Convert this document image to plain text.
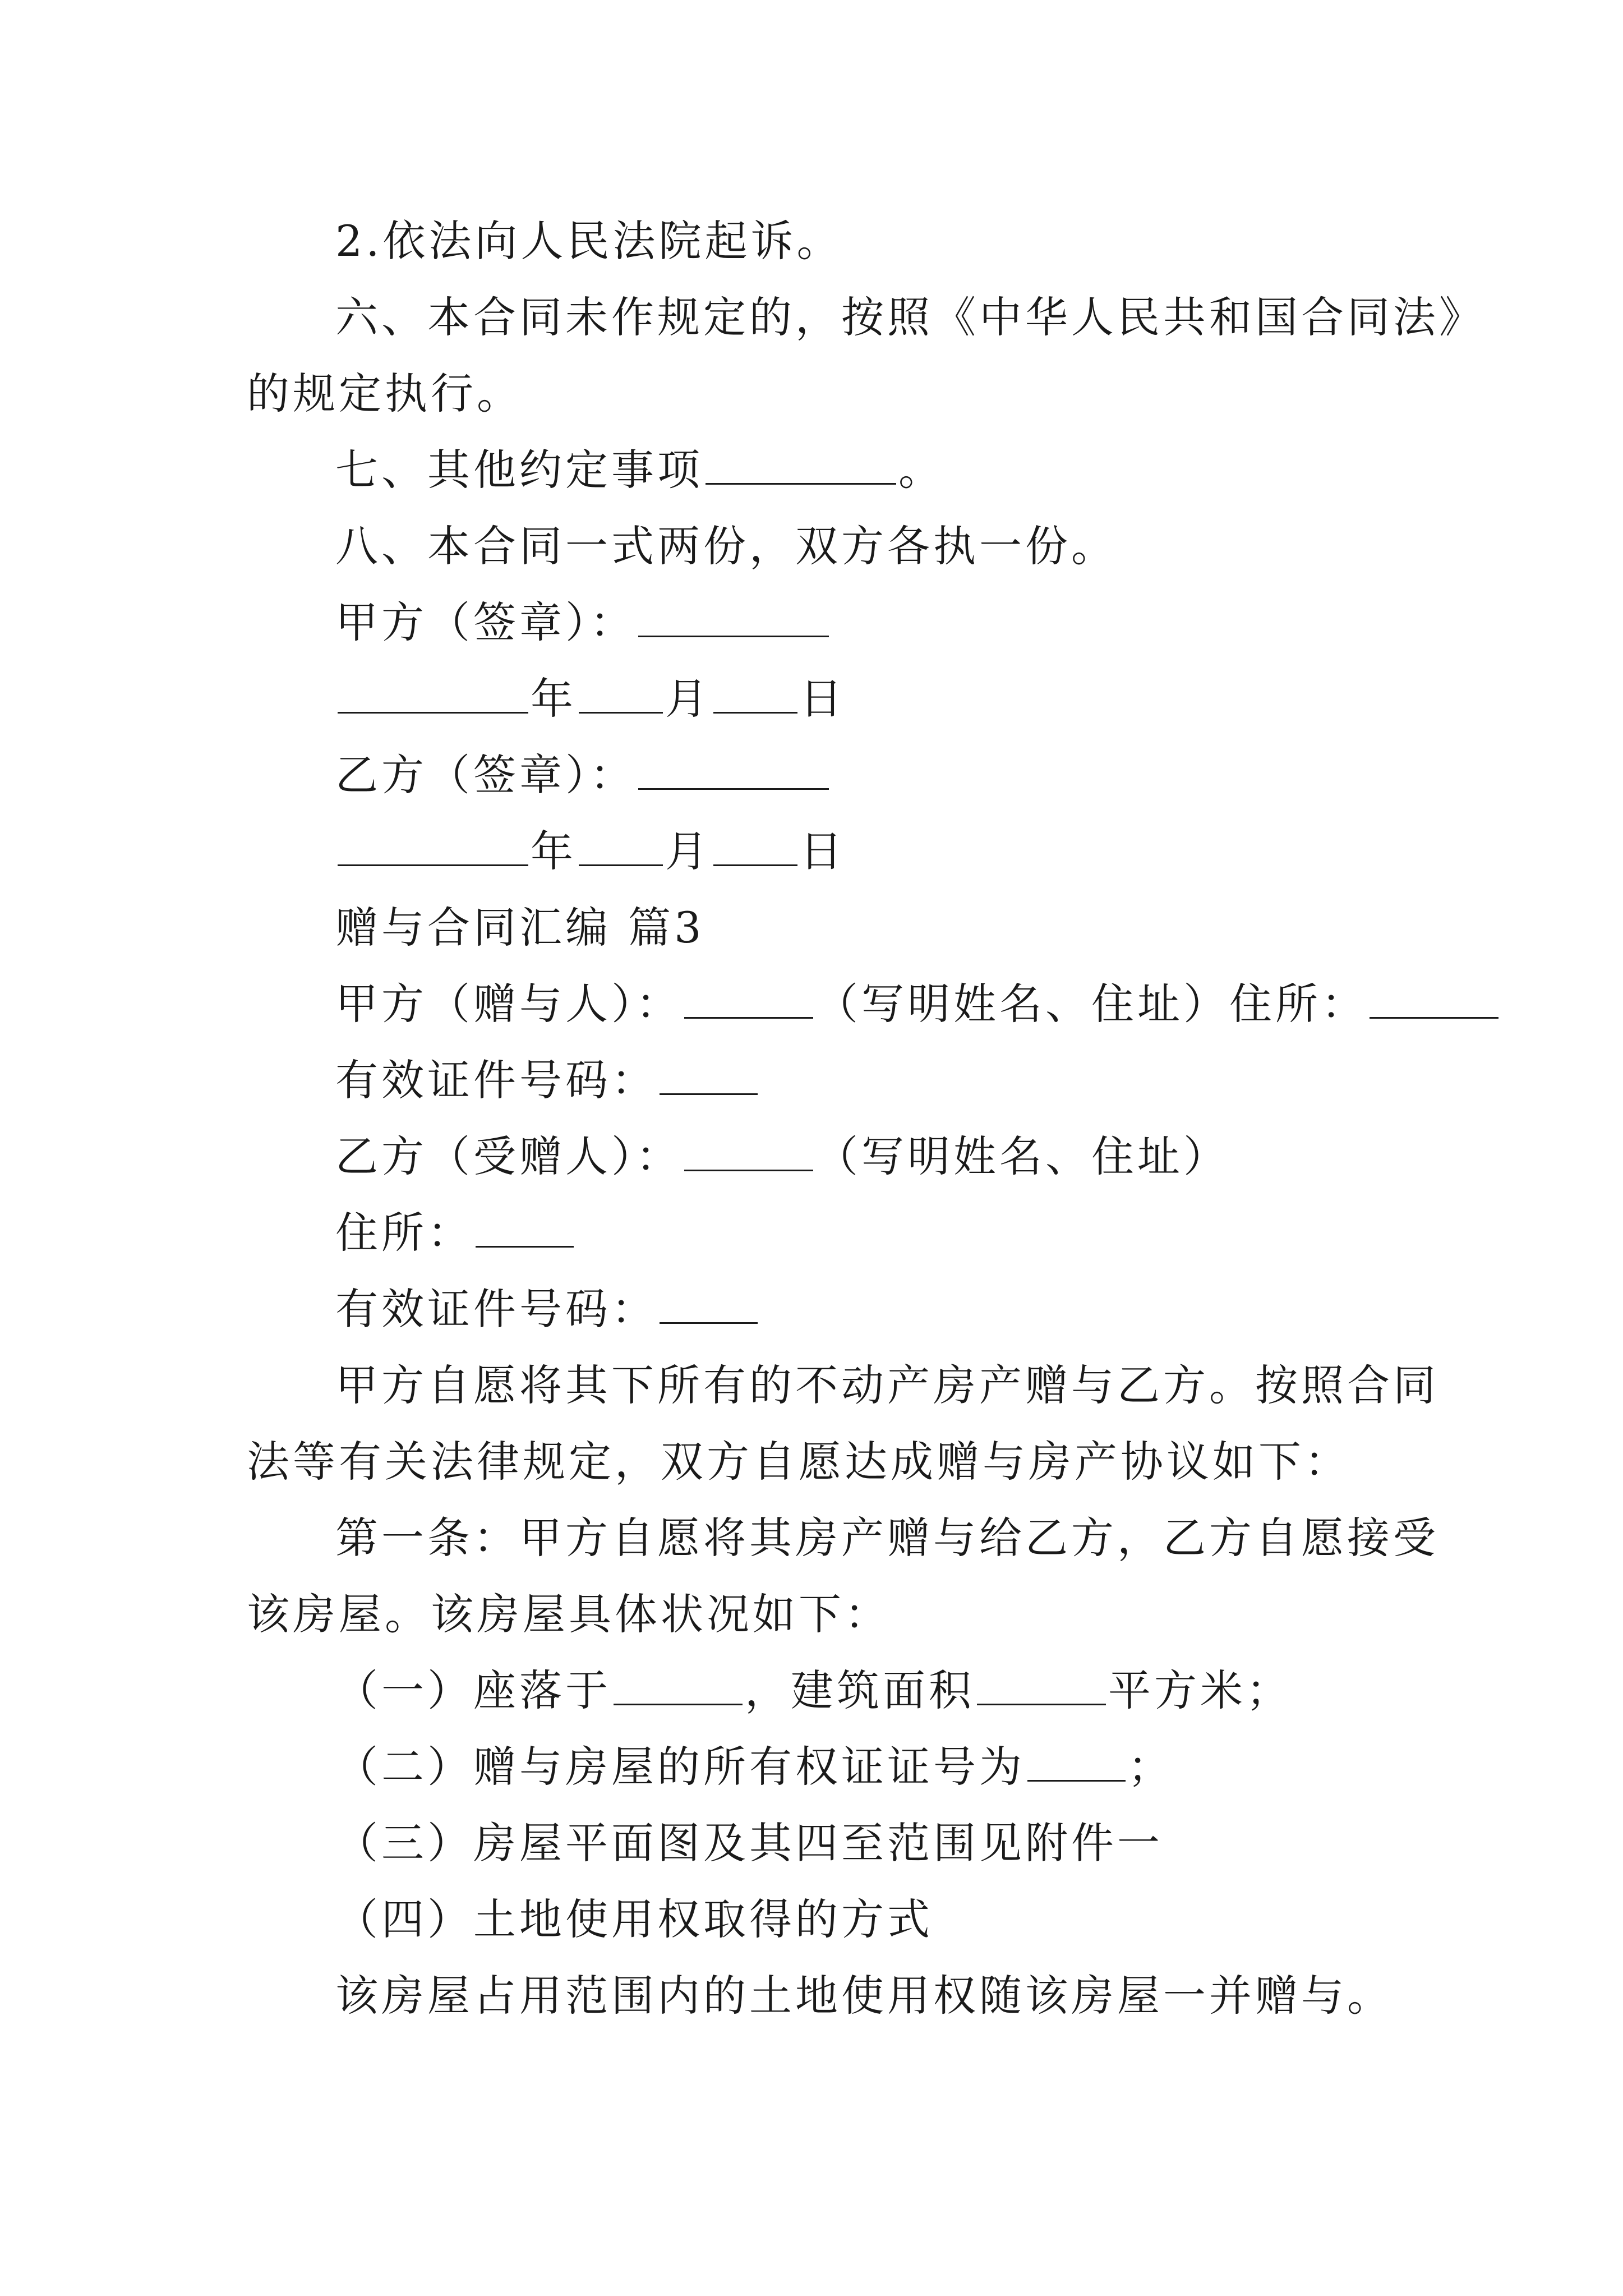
2.依法向人民法院起诉。
六、本合同未作规定的，按照《中华人民共和国合同法》
的规定执行。
七、其他约定事项	。
八、本合同一式两份，双方各执一份。
甲方（签章）：
年 月 日
乙方（签章）：
年 月 日
赠与合同汇编 篇3
甲方（赠与人）：	（写明姓名、住址）住所：
有效证件号码：
乙方（受赠人）：	（写明姓名、住址）
住所：
有效证件号码：
甲方自愿将其下所有的不动产房产赠与乙方。按照合同
法等有关法律规定，双方自愿达成赠与房产协议如下：
第一条：甲方自愿将其房产赠与给乙方，乙方自愿接受
该房屋。该房屋具体状况如下：
（一）座落于	，建筑面积	平方米；
（二）赠与房屋的所有权证证号为 ；
（三）房屋平面图及其四至范围见附件一
（四）土地使用权取得的方式
该房屋占用范围内的土地使用权随该房屋一并赠与。
